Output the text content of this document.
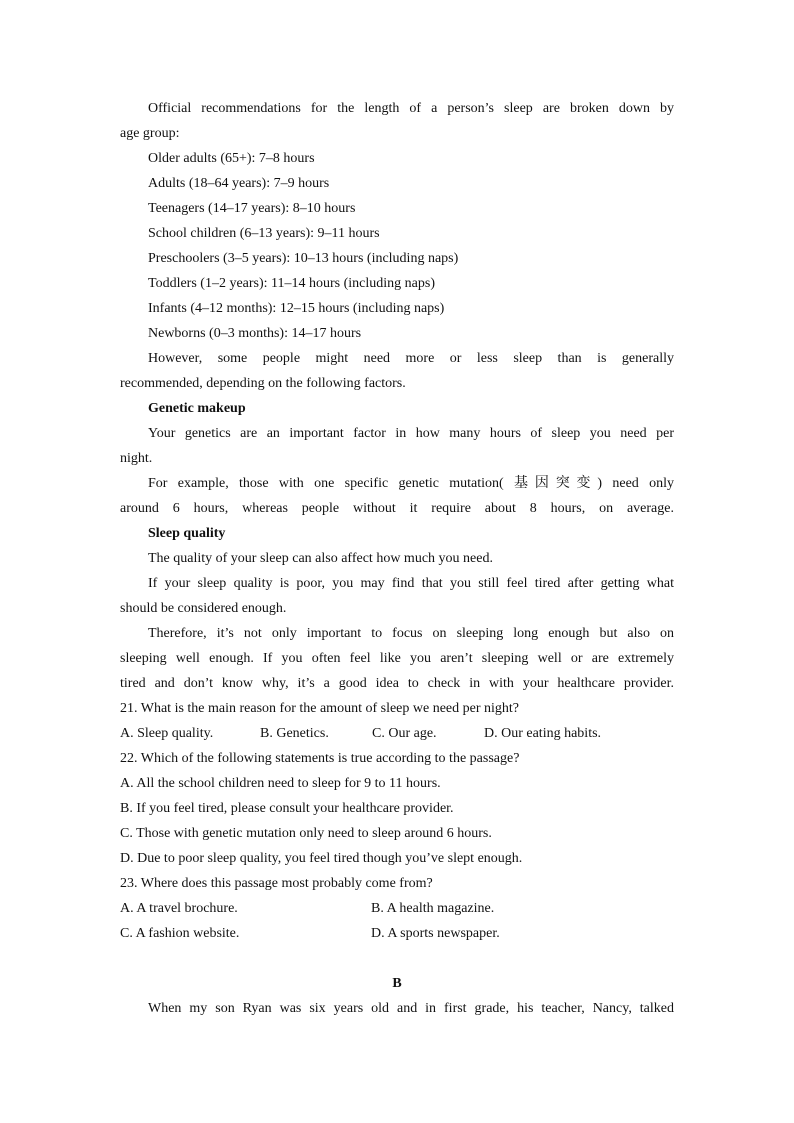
Official recommendations for the length of a person’s sleep are broken down by
age group:
Older adults (65+): 7–8 hours
Adults (18–64 years): 7–9 hours
Teenagers (14–17 years): 8–10 hours
School children (6–13 years): 9–11 hours
Preschoolers (3–5 years): 10–13 hours (including naps)
Toddlers (1–2 years): 11–14 hours (including naps)
Infants (4–12 months): 12–15 hours (including naps)
Newborns (0–3 months): 14–17 hours
However, some people might need more or less sleep than is generally
recommended, depending on the following factors.
Genetic makeup
Your genetics are an important factor in how many hours of sleep you need per
night.
For example, those with one specific genetic mutation( 基因突变) need only
around 6 hours, whereas people without it require about 8 hours, on average.
Sleep quality
The quality of your sleep can also affect how much you need.
If your sleep quality is poor, you may find that you still feel tired after getting what
should be considered enough.
Therefore, it’s not only important to focus on sleeping long enough but also on
sleeping well enough. If you often feel like you aren’t sleeping well or are extremely
tired and don’t know why, it’s a good idea to check in with your healthcare provider.
21. What is the main reason for the amount of sleep we need per night?
A. Sleep quality.	B. Genetics.	C. Our age.	D. Our eating habits.
22. Which of the following statements is true according to the passage?
A. All the school children need to sleep for 9 to 11 hours.
B. If you feel tired, please consult your healthcare provider.
C. Those with genetic mutation only need to sleep around 6 hours.
D. Due to poor sleep quality, you feel tired though you’ve slept enough.
23. Where does this passage most probably come from?
A. A travel brochure.	B. A health magazine.
C. A fashion website.	D. A sports newspaper.
B
When my son Ryan was six years old and in first grade, his teacher, Nancy, talked
